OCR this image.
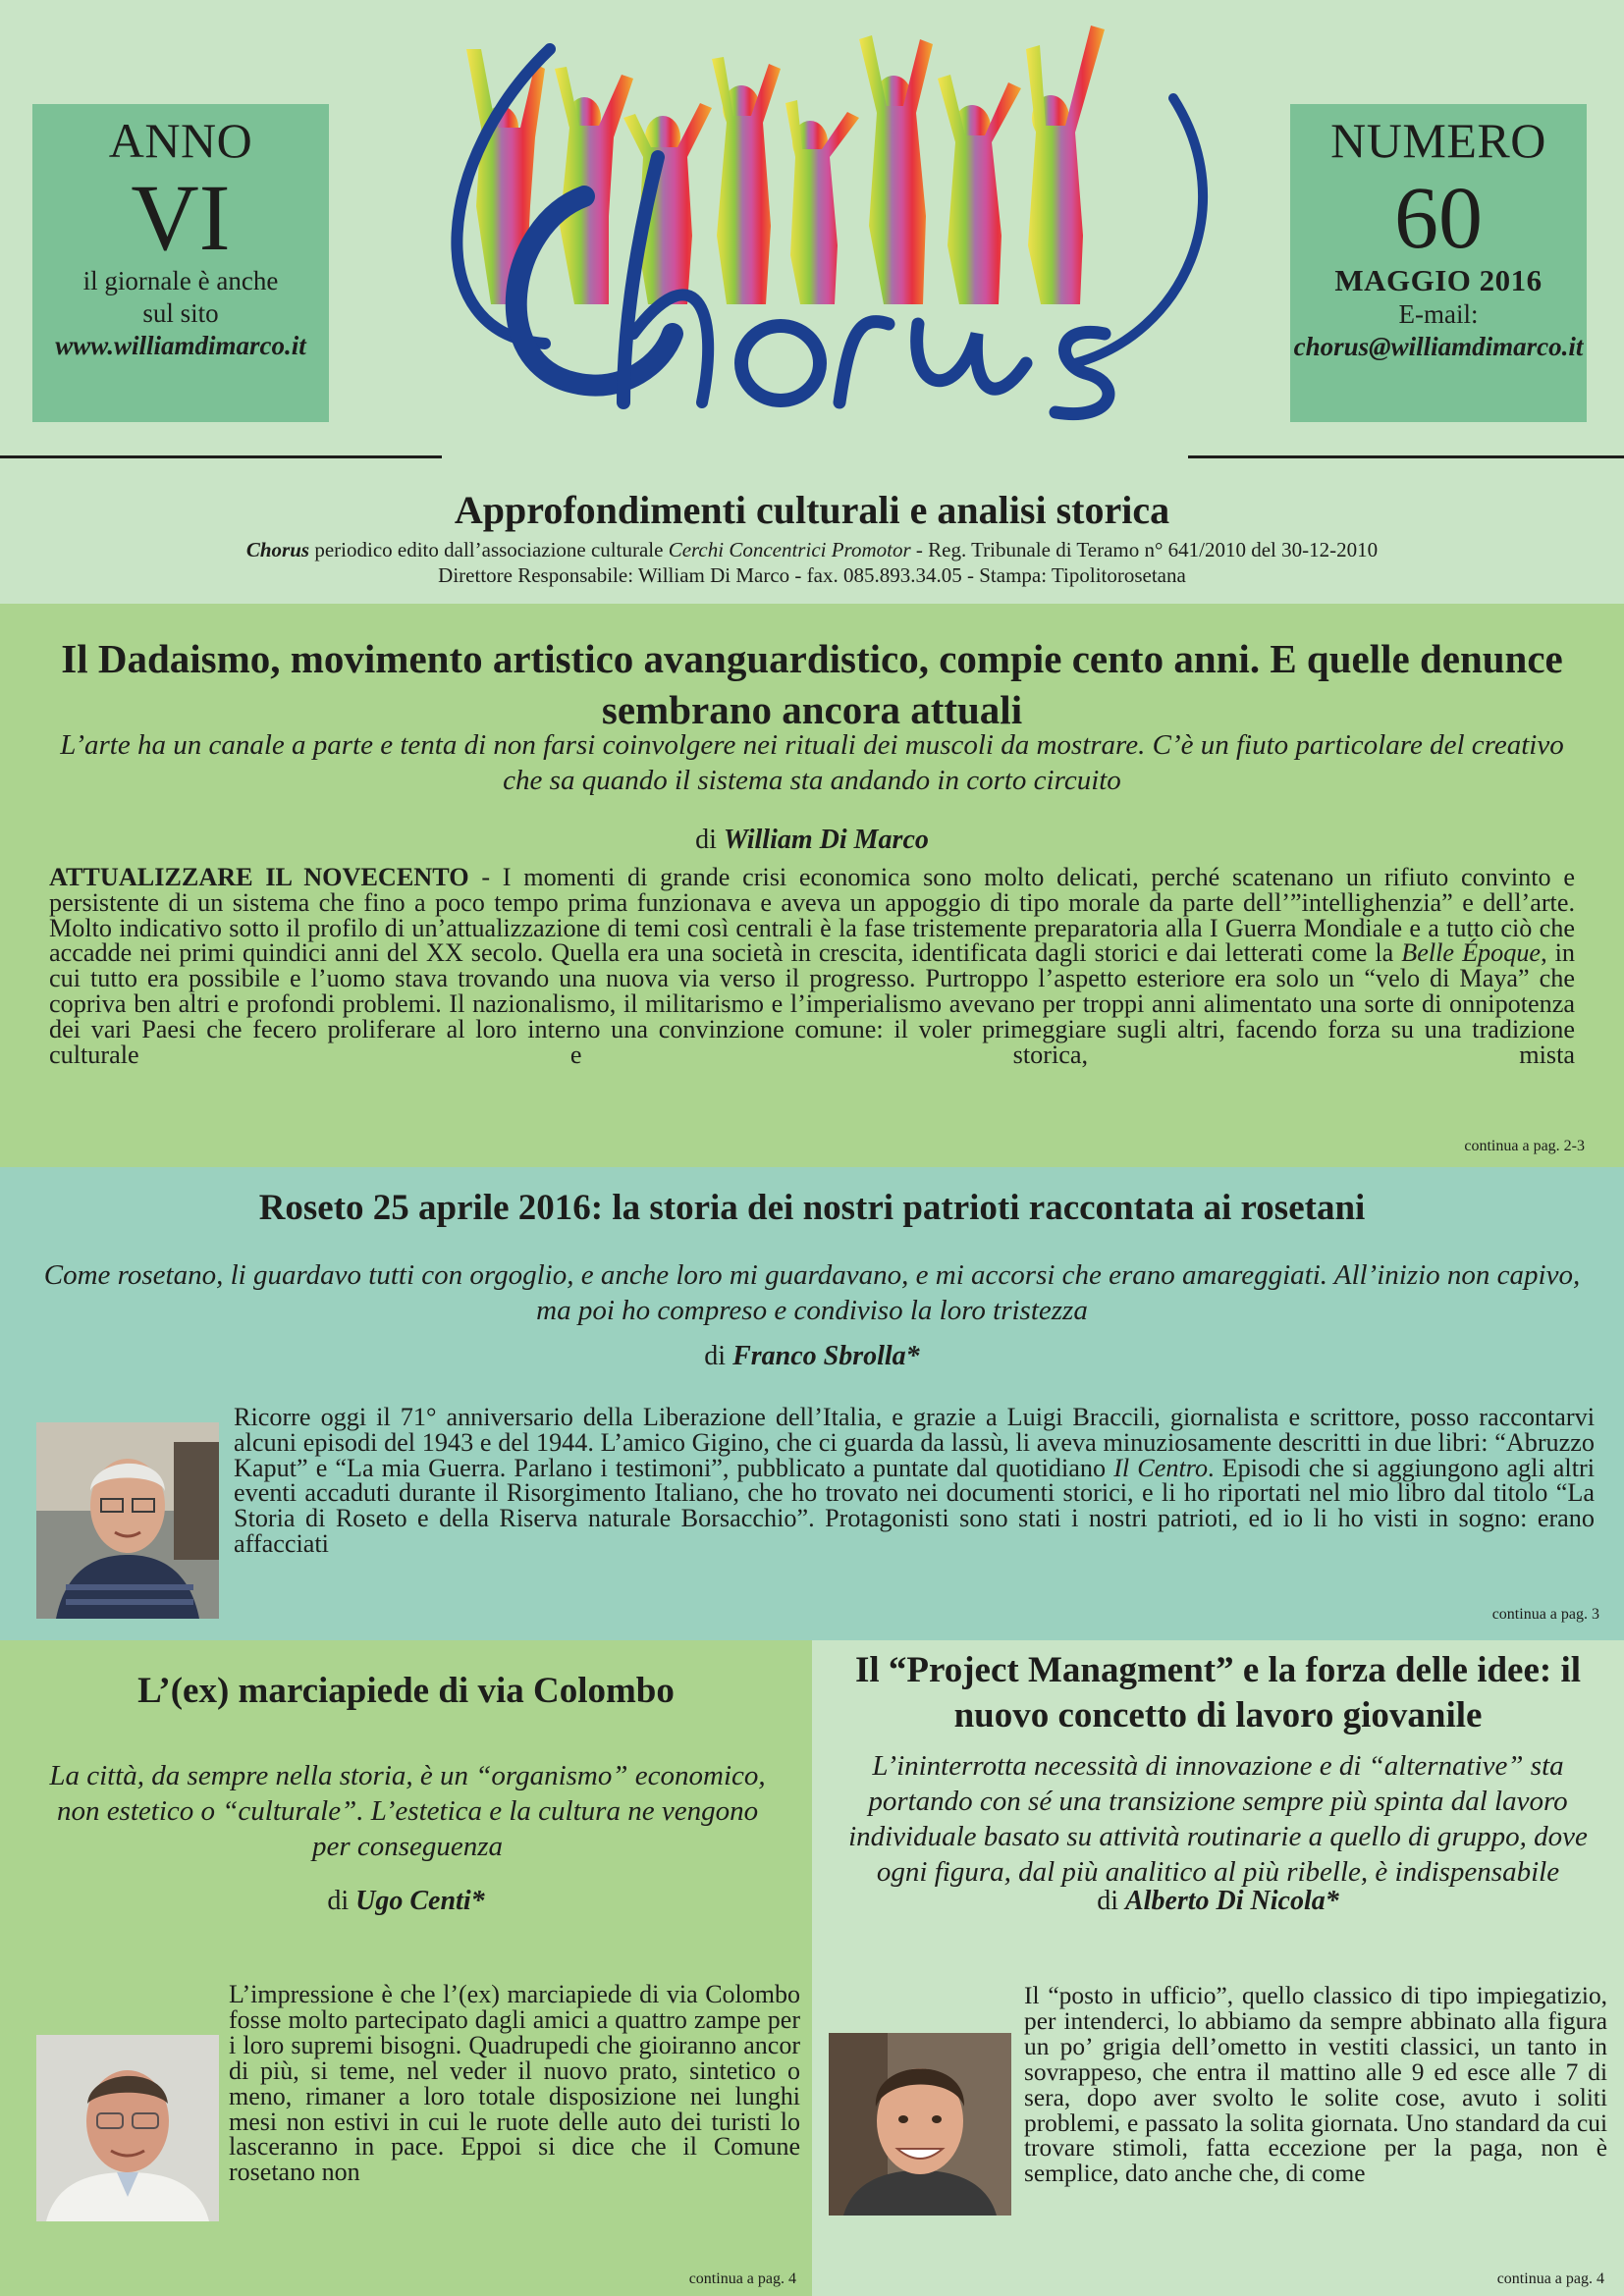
ANNO
VI
il giornale è anche
sul sito
www.williamdimarco.it
NUMERO
60
MAGGIO 2016
E-mail:
chorus@williamdimarco.it
Approfondimenti culturali e analisi storica
Chorus periodico edito dall’associazione culturale Cerchi Concentrici Promotor - Reg. Tribunale di Teramo n° 641/2010 del 30-12-2010
Direttore Responsabile: William Di Marco - fax. 085.893.34.05 - Stampa: Tipolitorosetana
Il Dadaismo, movimento artistico avanguardistico, compie cento anni. E quelle denunce sembrano ancora attuali
L’arte ha un canale a parte e tenta di non farsi coinvolgere nei rituali dei muscoli da mostrare. C’è un fiuto particolare del creativo che sa quando il sistema sta andando in corto circuito
di William Di Marco
ATTUALIZZARE IL NOVECENTO - I momenti di grande crisi economica sono molto delicati, perché scatenano un rifiuto convinto e persistente di un sistema che fino a poco tempo prima funzionava e aveva un appoggio di tipo morale da parte dell’”intellighenzia” e dell’arte. Molto indicativo sotto il profilo di un’attualizzazione di temi così centrali è la fase tristemente preparatoria alla I Guerra Mondiale e a tutto ciò che accadde nei primi quindici anni del XX secolo. Quella era una società in crescita, identificata dagli storici e dai letterati come la Belle Époque, in cui tutto era possibile e l’uomo stava trovando una nuova via verso il progresso. Purtroppo l’aspetto esteriore era solo un “velo di Maya” che copriva ben altri e profondi problemi. Il nazionalismo, il militarismo e l’imperialismo avevano per troppi anni alimentato una sorte di onnipotenza dei vari Paesi che fecero proliferare al loro interno una convinzione comune: il voler primeggiare sugli altri, facendo forza su una tradizione culturale e storica, mista
continua a pag. 2-3
Roseto 25 aprile 2016: la storia dei nostri patrioti raccontata ai rosetani
Come rosetano, li guardavo tutti con orgoglio, e anche loro mi guardavano, e mi accorsi che erano amareggiati. All’inizio non capivo, ma poi ho compreso e condiviso la loro tristezza
di Franco Sbrolla*
Ricorre oggi il 71° anniversario della Liberazione dell’Italia, e grazie a Luigi Braccili, giornalista e scrittore, posso raccontarvi alcuni episodi del 1943 e del 1944. L’amico Gigino, che ci guarda da lassù, li aveva minuziosamente descritti in due libri: “Abruzzo Kaput” e “La mia Guerra. Parlano i testimoni”, pubblicato a puntate dal quotidiano Il Centro. Episodi che si aggiungono agli altri eventi accaduti durante il Risorgimento Italiano, che ho trovato nei documenti storici, e li ho riportati nel mio libro dal titolo “La Storia di Roseto e della Riserva naturale Borsacchio”. Protagonisti sono stati i nostri patrioti, ed io li ho visti in sogno: erano affacciati
continua a pag. 3
L’(ex) marciapiede di via Colombo
La città, da sempre nella storia, è un “organismo” economico, non estetico o “culturale”. L’estetica e la cultura ne vengono per conseguenza
di Ugo Centi*
L’impressione è che l’(ex) marciapiede di via Colombo fosse molto partecipato dagli amici a quattro zampe per i loro supremi bisogni. Quadrupedi che gioiranno ancor di più, si teme, nel veder il nuovo prato, sintetico o meno, rimaner a loro totale disposizione nei lunghi mesi non estivi in cui le ruote delle auto dei turisti lo lasceranno in pace. Eppoi si dice che il Comune rosetano non
continua a pag. 4
Il “Project Managment” e la forza delle idee: il nuovo concetto di lavoro giovanile
L’ininterrotta necessità di innovazione e di “alternative” sta portando con sé una transizione sempre più spinta dal lavoro individuale basato su attività routinarie a quello di gruppo, dove ogni figura, dal più analitico al più ribelle, è indispensabile
di Alberto Di Nicola*
Il “posto in ufficio”, quello classico di tipo impiegatizio, per intenderci, lo abbiamo da sempre abbinato alla figura un po’ grigia dell’ometto in vestiti classici, un tanto in sovrappeso, che entra il mattino alle 9 ed esce alle 7 di sera, dopo aver svolto le solite cose, avuto i soliti problemi, e passato la solita giornata. Uno standard da cui trovare stimoli, fatta eccezione per la paga, non è semplice, dato anche che, di come
continua a pag. 4
